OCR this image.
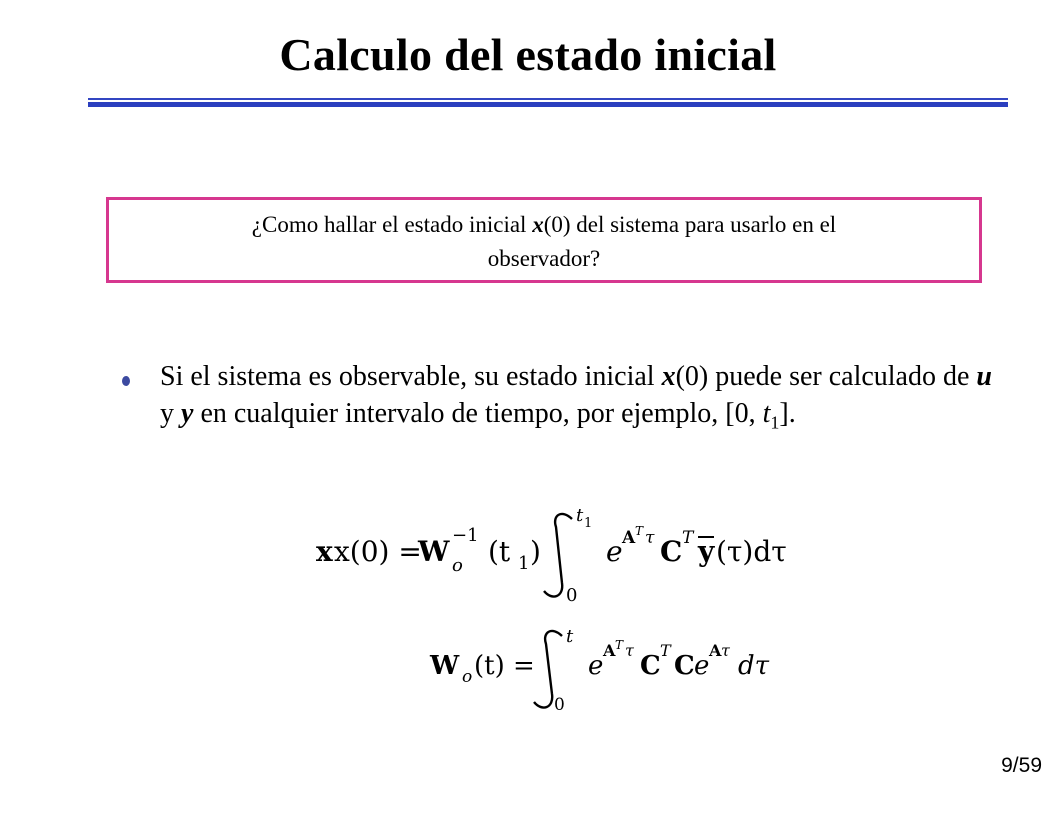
Calculo del estado inicial
¿Como hallar el estado inicial x(0) del sistema para usarlo en el
observador?
Si el sistema es observable, su estado inicial x(0) puede ser calculado de u y y en cualquier intervalo de tiempo, por ejemplo, [0, $t_1$].
x x(0) =
W −1
o (t 1 )
t 1
0
e A T τ C T y (τ)dτ
W o (t) =
t
0
e
A T τ
C
T
C e
A τ
dτ
9/59
